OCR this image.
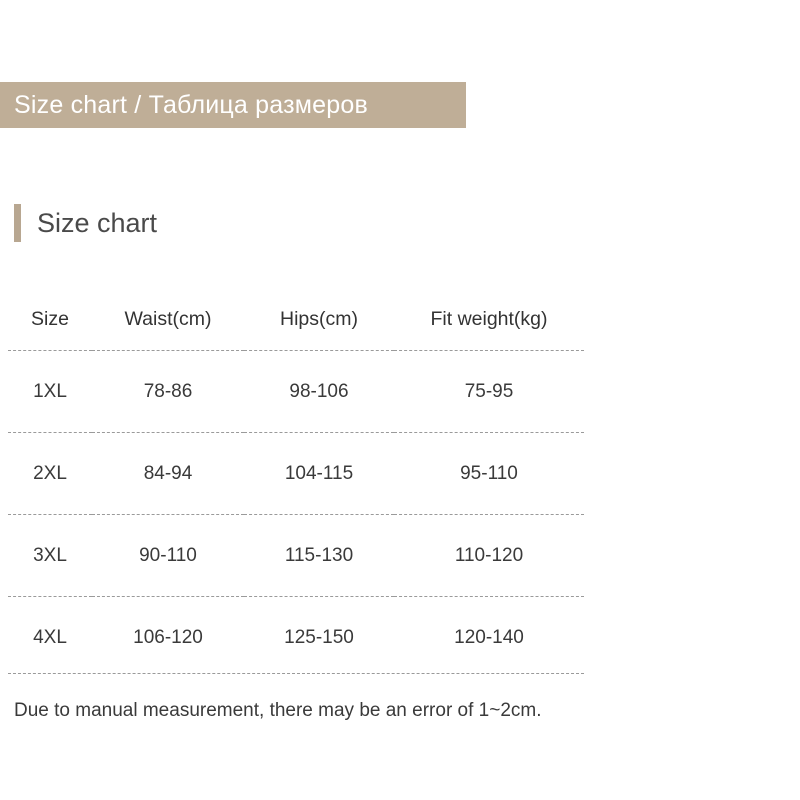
Size chart / Таблица размеров
Size chart
Size	Waist(cm)	Hips(cm)	Fit weight(kg)
1XL	78-86	98-106	75-95
2XL	84-94	104-115	95-110
3XL	90-110	115-130	110-120
4XL	106-120	125-150	120-140
Due to manual measurement, there may be an error of 1~2cm.
